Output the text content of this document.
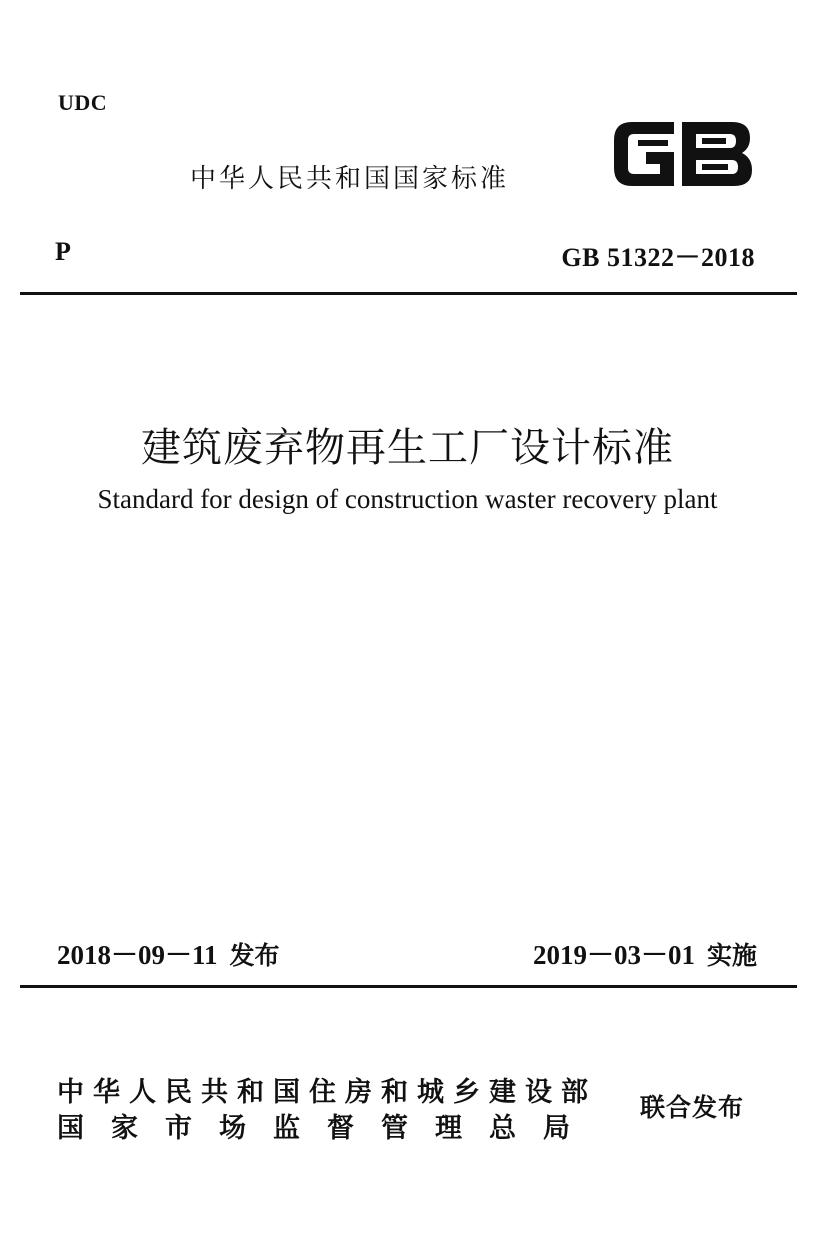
UDC
中华人民共和国国家标准
P	GB 51322－2018
建筑废弃物再生工厂设计标准
Standard for design of construction waster recovery plant
2018－09－11 发布	2019－03－01 实施
中华人民共和国住房和城乡建设部
国家市场监督管理总局
联合发布
